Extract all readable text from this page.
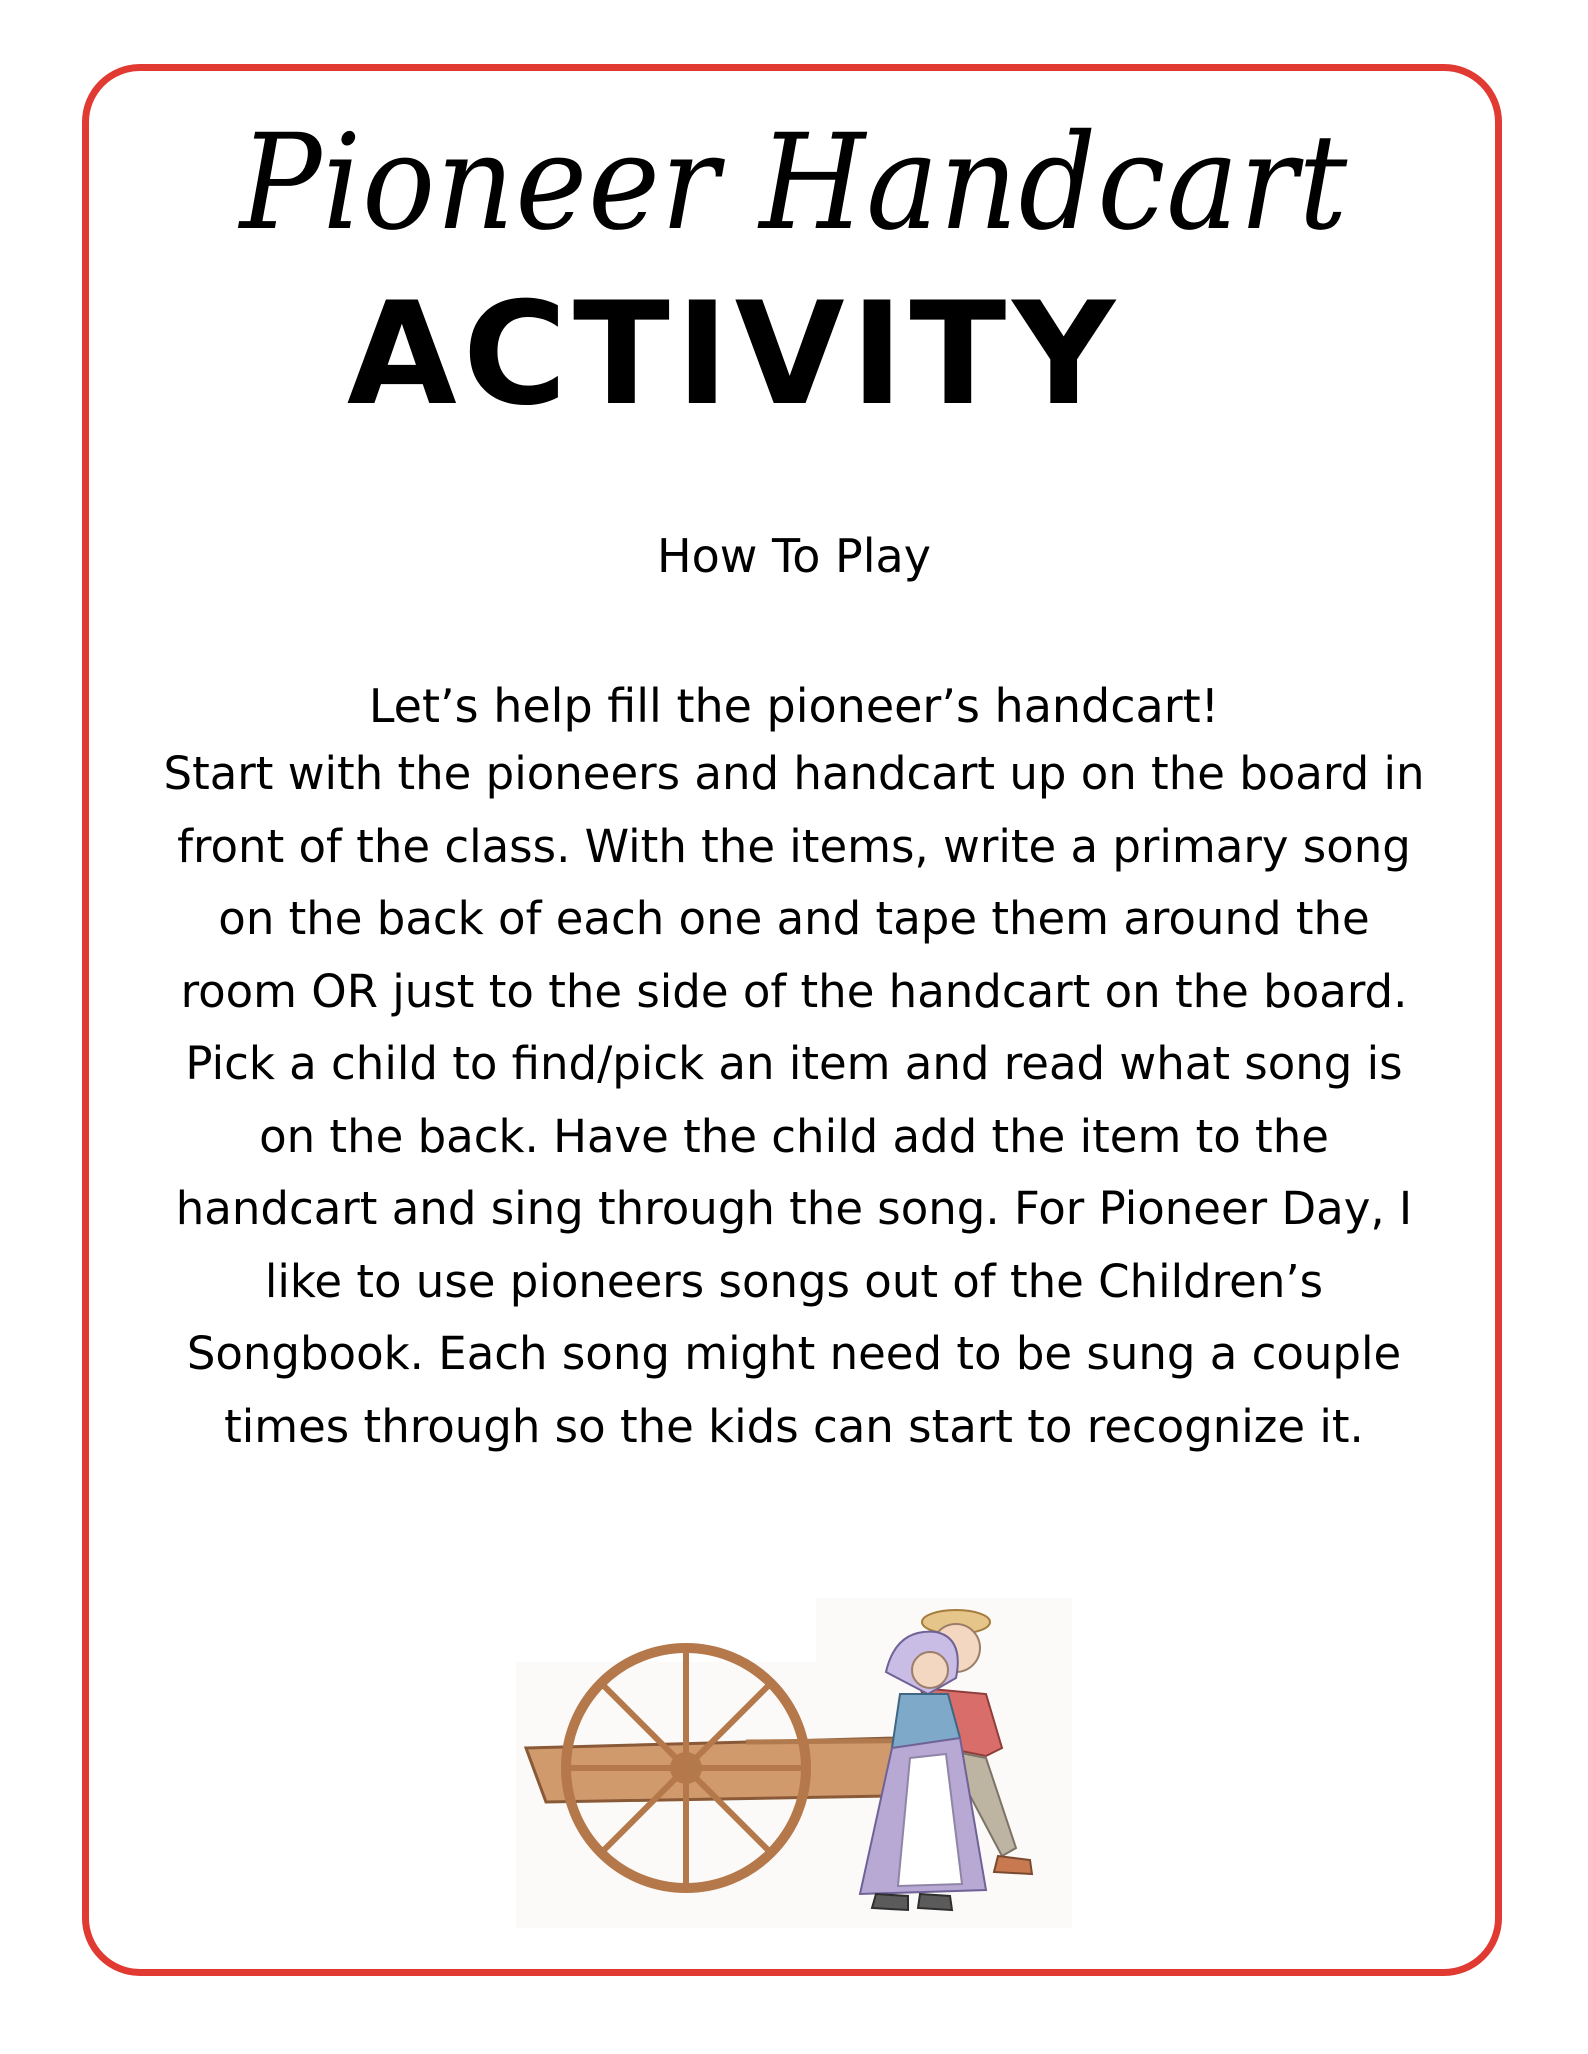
Pioneer Handcart
ACTIVITY
How To Play
Let’s help fill the pioneer’s handcart!
Start with the pioneers and handcart up on the board in front of the class. With the items, write a primary song on the back of each one and tape them around the room OR just to the side of the handcart on the board. Pick a child to find/pick an item and read what song is on the back. Have the child add the item to the handcart and sing through the song. For Pioneer Day, I like to use pioneers songs out of the Children’s Songbook. Each song might need to be sung a couple times through so the kids can start to recognize it.
